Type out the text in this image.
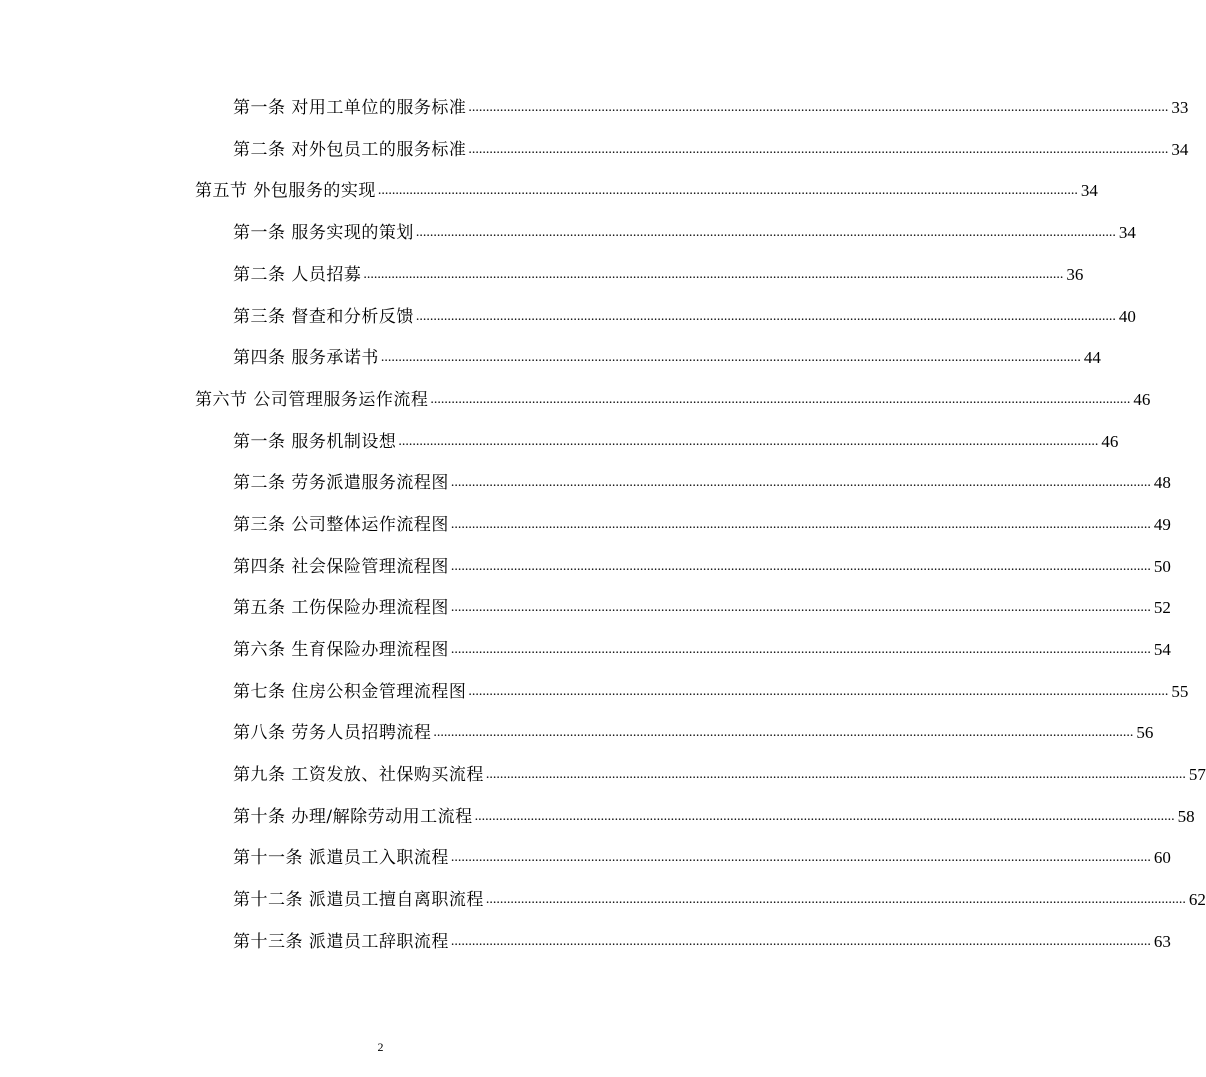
第一条 对用工单位的服务标准 ........................................................................................................................................................................................................ 33
第二条 对外包员工的服务标准 ........................................................................................................................................................................................................ 34
第五节 外包服务的实现 ........................................................................................................................................................................................................ 34
第一条 服务实现的策划 ........................................................................................................................................................................................................ 34
第二条 人员招募 ........................................................................................................................................................................................................ 36
第三条 督查和分析反馈 ........................................................................................................................................................................................................ 40
第四条 服务承诺书 ........................................................................................................................................................................................................ 44
第六节 公司管理服务运作流程 ........................................................................................................................................................................................................ 46
第一条 服务机制设想 ........................................................................................................................................................................................................ 46
第二条 劳务派遣服务流程图 ........................................................................................................................................................................................................ 48
第三条 公司整体运作流程图 ........................................................................................................................................................................................................ 49
第四条 社会保险管理流程图 ........................................................................................................................................................................................................ 50
第五条 工伤保险办理流程图 ........................................................................................................................................................................................................ 52
第六条 生育保险办理流程图 ........................................................................................................................................................................................................ 54
第七条 住房公积金管理流程图 ........................................................................................................................................................................................................ 55
第八条 劳务人员招聘流程 ........................................................................................................................................................................................................ 56
第九条 工资发放、社保购买流程 ........................................................................................................................................................................................................ 57
第十条 办理/解除劳动用工流程 ........................................................................................................................................................................................................ 58
第十一条 派遣员工入职流程 ........................................................................................................................................................................................................ 60
第十二条 派遣员工擅自离职流程 ........................................................................................................................................................................................................ 62
第十三条 派遣员工辞职流程 ........................................................................................................................................................................................................ 63
2
